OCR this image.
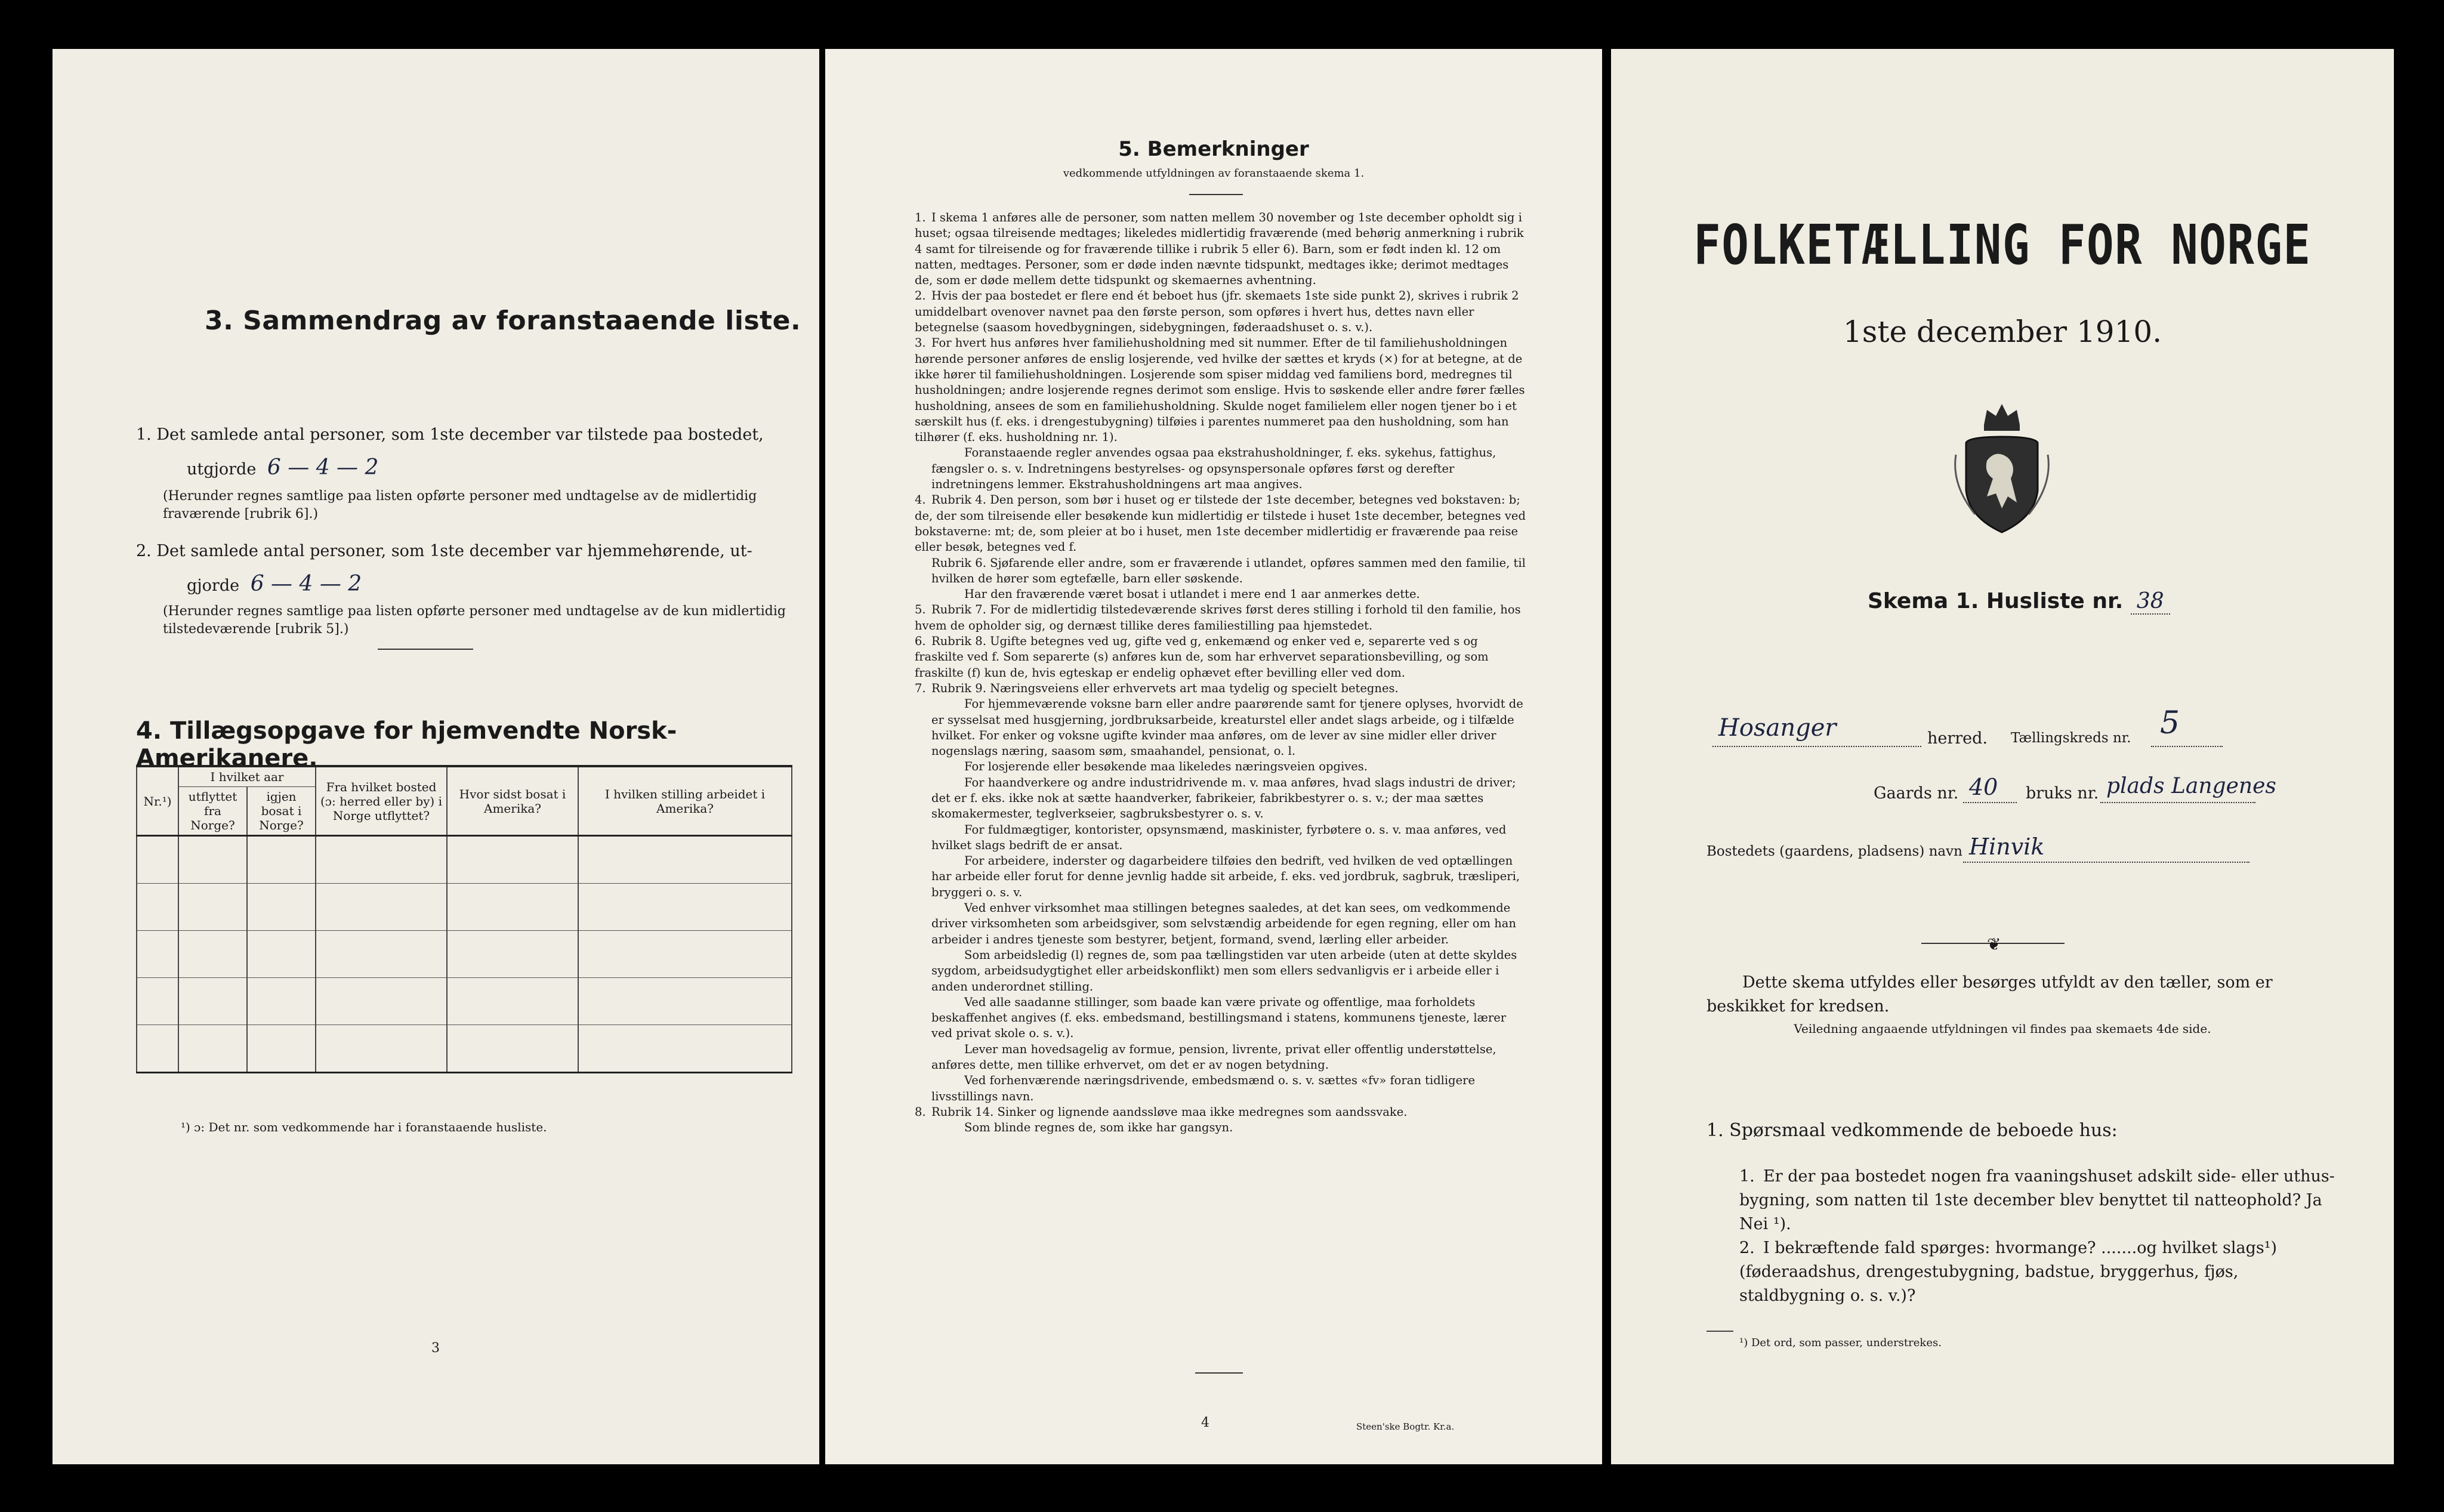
3. Sammendrag av foranstaaende liste.
1. Det samlede antal personer, som 1ste december var tilstede paa bostedet,
utgjorde 6 — 4 — 2
(Herunder regnes samtlige paa listen opførte personer med undtagelse av de midlertidig fraværende [rubrik 6].)
2. Det samlede antal personer, som 1ste december var hjemmehørende, ut-
gjorde 6 — 4 — 2
(Herunder regnes samtlige paa listen opførte personer med undtagelse av de kun midlertidig tilstedeværende [rubrik 5].)
4. Tillægsopgave for hjemvendte Norsk-Amerikanere.
Nr.¹)	I hvilket aar		Fra hvilket bosted (ɔ: herred eller by) i Norge utflyttet?	Hvor sidst bosat i Amerika?	I hvilken stilling arbeidet i Amerika?
	utflyttet fra Norge?	igjen bosat i Norge?			

¹) ɔ: Det nr. som vedkommende har i foranstaaende husliste.
3
5. Bemerkninger
vedkommende utfyldningen av foranstaaende skema 1.

1. I skema 1 anføres alle de personer, som natten mellem 30 november og 1ste december opholdt sig i huset; ogsaa tilreisende medtages; likeledes midlertidig fraværende (med behørig anmerkning i rubrik 4 samt for tilreisende og for fraværende tillike i rubrik 5 eller 6). Barn, som er født inden kl. 12 om natten, medtages. Personer, som er døde inden nævnte tidspunkt, medtages ikke; derimot medtages de, som er døde mellem dette tidspunkt og skemaernes avhentning.

2. Hvis der paa bostedet er flere end ét beboet hus (jfr. skemaets 1ste side punkt 2), skrives i rubrik 2 umiddelbart ovenover navnet paa den første person, som opføres i hvert hus, dettes navn eller betegnelse (saasom hovedbygningen, sidebygningen, føderaadshuset o. s. v.).

3. For hvert hus anføres hver familiehusholdning med sit nummer. Efter de til familiehusholdningen hørende personer anføres de enslig losjerende, ved hvilke der sættes et kryds (×) for at betegne, at de ikke hører til familiehusholdningen. Losjerende som spiser middag ved familiens bord, medregnes til husholdningen; andre losjerende regnes derimot som enslige. Hvis to søskende eller andre fører fælles husholdning, ansees de som en familiehusholdning. Skulde noget familielem eller nogen tjener bo i et særskilt hus (f. eks. i drengestubygning) tilføies i parentes nummeret paa den husholdning, som han tilhører (f. eks. husholdning nr. 1).

Foranstaaende regler anvendes ogsaa paa ekstrahusholdninger, f. eks. sykehus, fattighus, fængsler o. s. v. Indretningens bestyrelses- og opsynspersonale opføres først og derefter indretningens lemmer. Ekstrahusholdningens art maa angives.

4. Rubrik 4. Den person, som bør i huset og er tilstede der 1ste december, betegnes ved bokstaven: b; de, der som tilreisende eller besøkende kun midlertidig er tilstede i huset 1ste december, betegnes ved bokstaverne: mt; de, som pleier at bo i huset, men 1ste december midlertidig er fraværende paa reise eller besøk, betegnes ved f.

Rubrik 6. Sjøfarende eller andre, som er fraværende i utlandet, opføres sammen med den familie, til hvilken de hører som egtefælle, barn eller søskende.

Har den fraværende været bosat i utlandet i mere end 1 aar anmerkes dette.

5. Rubrik 7. For de midlertidig tilstedeværende skrives først deres stilling i forhold til den familie, hos hvem de opholder sig, og dernæst tillike deres familiestilling paa hjemstedet.

6. Rubrik 8. Ugifte betegnes ved ug, gifte ved g, enkemænd og enker ved e, separerte ved s og fraskilte ved f. Som separerte (s) anføres kun de, som har erhvervet separationsbevilling, og som fraskilte (f) kun de, hvis egteskap er endelig ophævet efter bevilling eller ved dom.

7. Rubrik 9. Næringsveiens eller erhvervets art maa tydelig og specielt betegnes.

For hjemmeværende voksne barn eller andre paarørende samt for tjenere oplyses, hvorvidt de er sysselsat med husgjerning, jordbruksarbeide, kreaturstel eller andet slags arbeide, og i tilfælde hvilket. For enker og voksne ugifte kvinder maa anføres, om de lever av sine midler eller driver nogenslags næring, saasom søm, smaahandel, pensionat, o. l.

For losjerende eller besøkende maa likeledes næringsveien opgives.

For haandverkere og andre industridrivende m. v. maa anføres, hvad slags industri de driver; det er f. eks. ikke nok at sætte haandverker, fabrikeier, fabrikbestyrer o. s. v.; der maa sættes skomakermester, teglverkseier, sagbruksbestyrer o. s. v.

For fuldmægtiger, kontorister, opsynsmænd, maskinister, fyrbøtere o. s. v. maa anføres, ved hvilket slags bedrift de er ansat.

For arbeidere, inderster og dagarbeidere tilføies den bedrift, ved hvilken de ved optællingen har arbeide eller forut for denne jevnlig hadde sit arbeide, f. eks. ved jordbruk, sagbruk, træsliperi, bryggeri o. s. v.

Ved enhver virksomhet maa stillingen betegnes saaledes, at det kan sees, om vedkommende driver virksomheten som arbeidsgiver, som selvstændig arbeidende for egen regning, eller om han arbeider i andres tjeneste som bestyrer, betjent, formand, svend, lærling eller arbeider.

Som arbeidsledig (l) regnes de, som paa tællingstiden var uten arbeide (uten at dette skyldes sygdom, arbeidsudygtighet eller arbeidskonflikt) men som ellers sedvanligvis er i arbeide eller i anden underordnet stilling.

Ved alle saadanne stillinger, som baade kan være private og offentlige, maa forholdets beskaffenhet angives (f. eks. embedsmand, bestillingsmand i statens, kommunens tjeneste, lærer ved privat skole o. s. v.).

Lever man hovedsagelig av formue, pension, livrente, privat eller offentlig understøttelse, anføres dette, men tillike erhvervet, om det er av nogen betydning.

Ved forhenværende næringsdrivende, embedsmænd o. s. v. sættes «fv» foran tidligere livsstillings navn.

8. Rubrik 14. Sinker og lignende aandssløve maa ikke medregnes som aandssvake.

Som blinde regnes de, som ikke har gangsyn.

4	Steen'ske Bogtr. Kr.a.
FOLKETÆLLING FOR NORGE
1ste december 1910.
Skema 1. Husliste nr. 38
Hosanger	herred. Tællingskreds nr. 5
Gaards nr. 40 bruks nr. plads Langenes
Bostedets (gaardens, pladsens) navn Hinvik
❦
Dette skema utfyldes eller besørges utfyldt av den tæller, som er beskikket for kredsen.
Veiledning angaaende utfyldningen vil findes paa skemaets 4de side.
1. Spørsmaal vedkommende de beboede hus:
1. Er der paa bostedet nogen fra vaaningshuset adskilt side- eller uthus-bygning, som natten til 1ste december blev benyttet til natteophold? Ja Nei ¹).
2. I bekræftende fald spørges: hvormange? .......og hvilket slags¹) (føderaadshus, drengestubygning, badstue, bryggerhus, fjøs, staldbygning o. s. v.)?
¹) Det ord, som passer, understrekes.
